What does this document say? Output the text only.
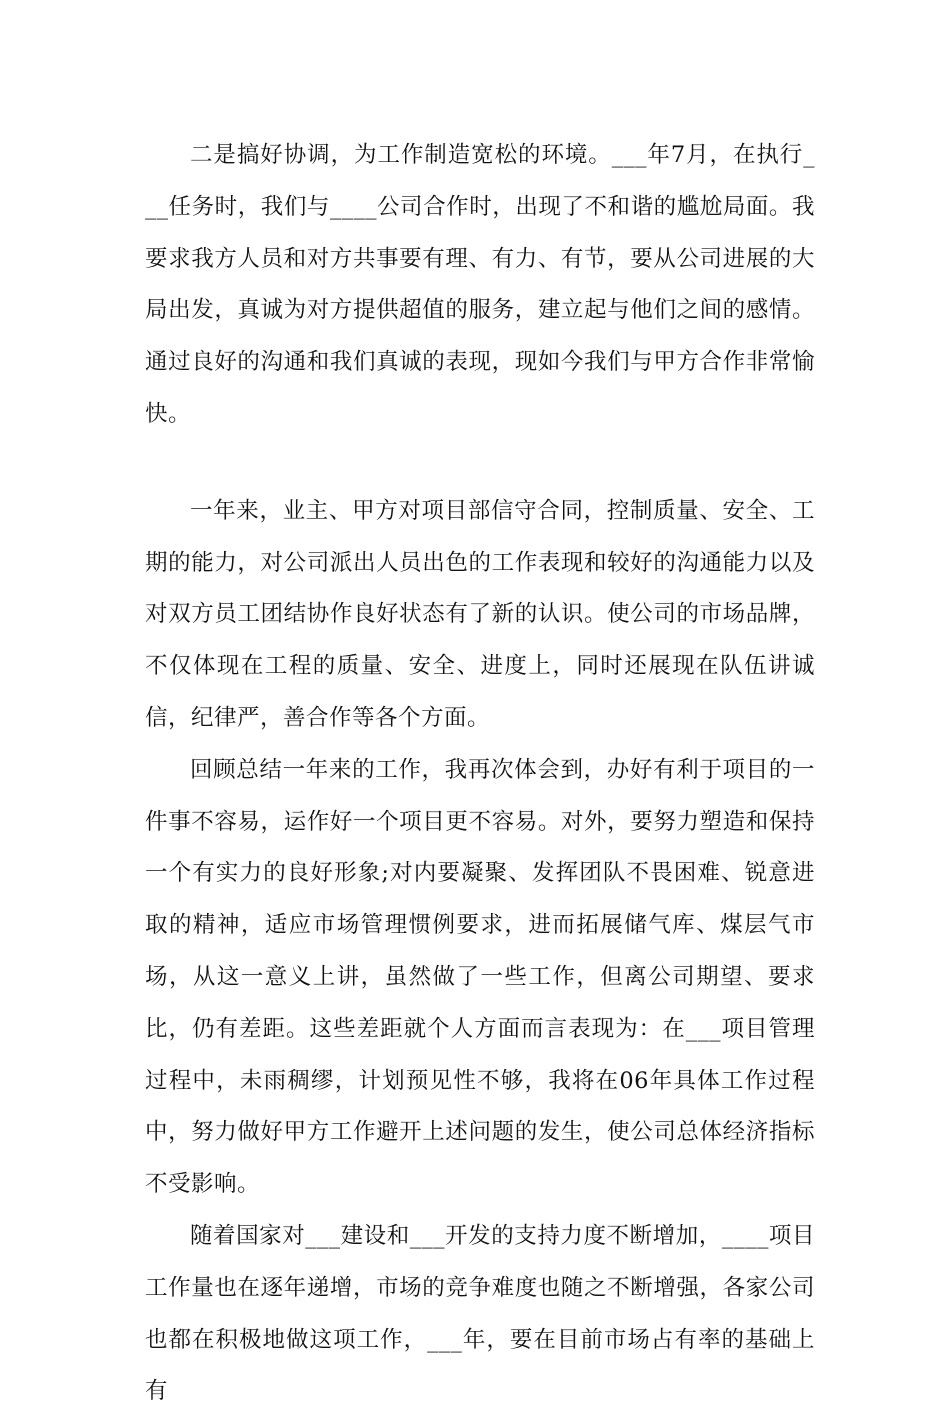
二是搞好协调，为工作制造宽松的环境。___年7月，在执行___任务时，我们与____公司合作时，出现了不和谐的尴尬局面。我要求我方人员和对方共事要有理、有力、有节，要从公司进展的大局出发，真诚为对方提供超值的服务，建立起与他们之间的感情。通过良好的沟通和我们真诚的表现，现如今我们与甲方合作非常愉快。

一年来，业主、甲方对项目部信守合同，控制质量、安全、工期的能力，对公司派出人员出色的工作表现和较好的沟通能力以及对双方员工团结协作良好状态有了新的认识。使公司的市场品牌，不仅体现在工程的质量、安全、进度上，同时还展现在队伍讲诚信，纪律严，善合作等各个方面。

回顾总结一年来的工作，我再次体会到，办好有利于项目的一件事不容易，运作好一个项目更不容易。对外，要努力塑造和保持一个有实力的良好形象;对内要凝聚、发挥团队不畏困难、锐意进取的精神，适应市场管理惯例要求，进而拓展储气库、煤层气市场，从这一意义上讲，虽然做了一些工作，但离公司期望、要求比，仍有差距。这些差距就个人方面而言表现为：在___项目管理过程中，未雨稠缪，计划预见性不够，我将在06年具体工作过程中，努力做好甲方工作避开上述问题的发生，使公司总体经济指标不受影响。

随着国家对___建设和___开发的支持力度不断增加，____项目工作量也在逐年递增，市场的竞争难度也随之不断增强，各家公司也都在积极地做这项工作，___年，要在目前市场占有率的基础上有
